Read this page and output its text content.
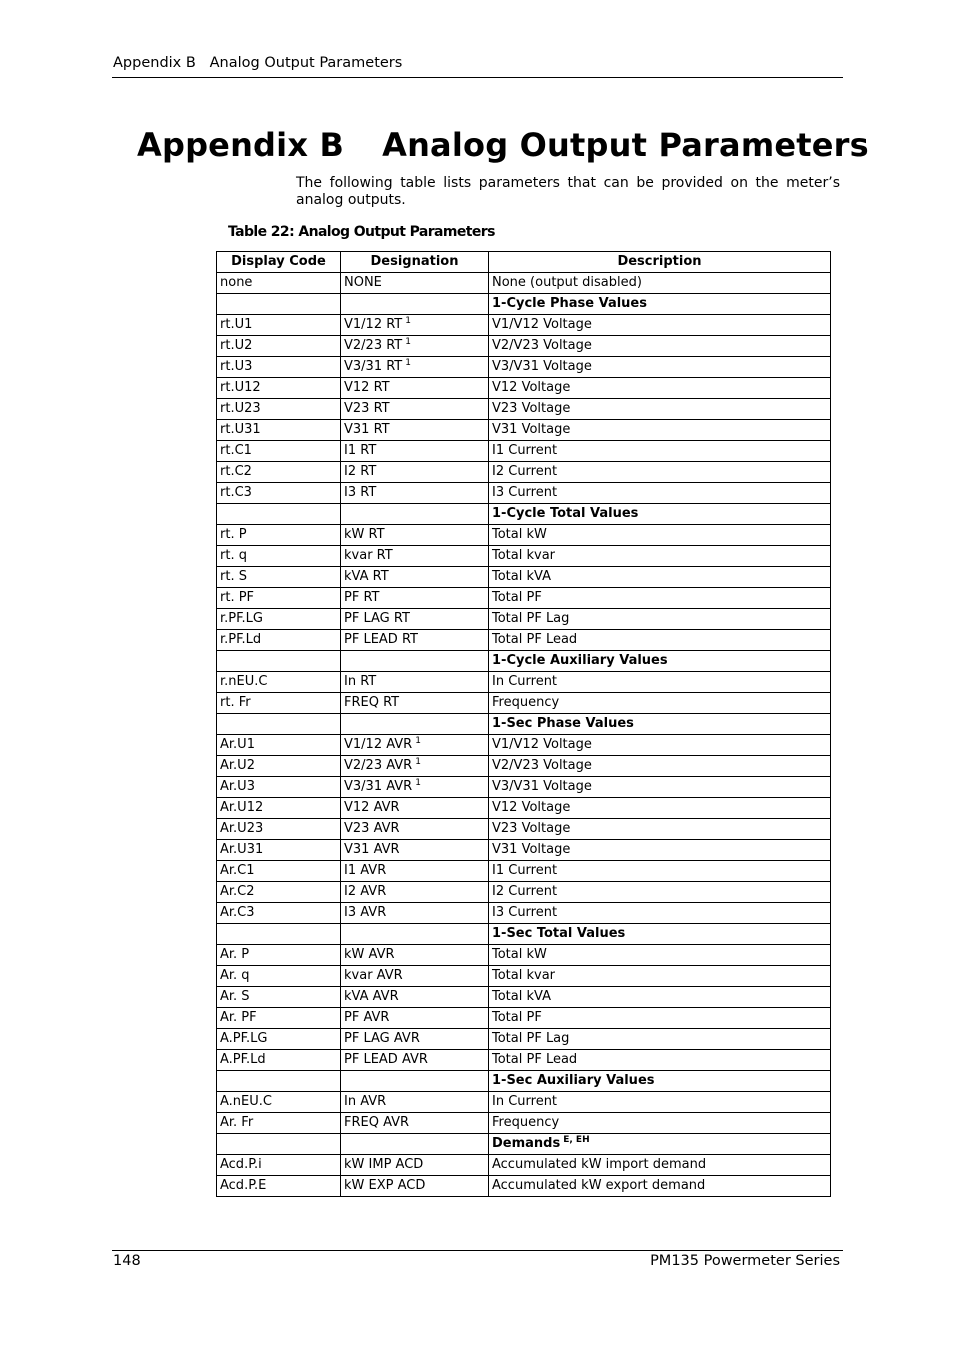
Appendix B   Analog Output Parameters
Appendix B Analog Output Parameters
The following table lists parameters that can be provided on the meter’s analog outputs.
Table 22: Analog Output Parameters
Display Code	Designation	Description
none	NONE	None (output disabled)
		1-Cycle Phase Values
rt.U1	V1/12 RT $^1$	V1/V12 Voltage
rt.U2	V2/23 RT $^1$	V2/V23 Voltage
rt.U3	V3/31 RT $^1$	V3/V31 Voltage
rt.U12	V12 RT	V12 Voltage
rt.U23	V23 RT	V23 Voltage
rt.U31	V31 RT	V31 Voltage
rt.C1	I1 RT	I1 Current
rt.C2	I2 RT	I2 Current
rt.C3	I3 RT	I3 Current
		1-Cycle Total Values
rt. P	kW RT	Total kW
rt. q	kvar RT	Total kvar
rt. S	kVA RT	Total kVA
rt. PF	PF RT	Total PF
r.PF.LG	PF LAG RT	Total PF Lag
r.PF.Ld	PF LEAD RT	Total PF Lead
		1-Cycle Auxiliary Values
r.nEU.C	In RT	In Current
rt. Fr	FREQ RT	Frequency
		1-Sec Phase Values
Ar.U1	V1/12 AVR $^1$	V1/V12 Voltage
Ar.U2	V2/23 AVR $^1$	V2/V23 Voltage
Ar.U3	V3/31 AVR $^1$	V3/V31 Voltage
Ar.U12	V12 AVR	V12 Voltage
Ar.U23	V23 AVR	V23 Voltage
Ar.U31	V31 AVR	V31 Voltage
Ar.C1	I1 AVR	I1 Current
Ar.C2	I2 AVR	I2 Current
Ar.C3	I3 AVR	I3 Current
		1-Sec Total Values
Ar. P	kW AVR	Total kW
Ar. q	kvar AVR	Total kvar
Ar. S	kVA AVR	Total kVA
Ar. PF	PF AVR	Total PF
A.PF.LG	PF LAG AVR	Total PF Lag
A.PF.Ld	PF LEAD AVR	Total PF Lead
		1-Sec Auxiliary Values
A.nEU.C	In AVR	In Current
Ar. Fr	FREQ AVR	Frequency
		Demands $^{E, EH}$
Acd.P.i	kW IMP ACD	Accumulated kW import demand
Acd.P.E	kW EXP ACD	Accumulated kW export demand
148	PM135 Powermeter Series
